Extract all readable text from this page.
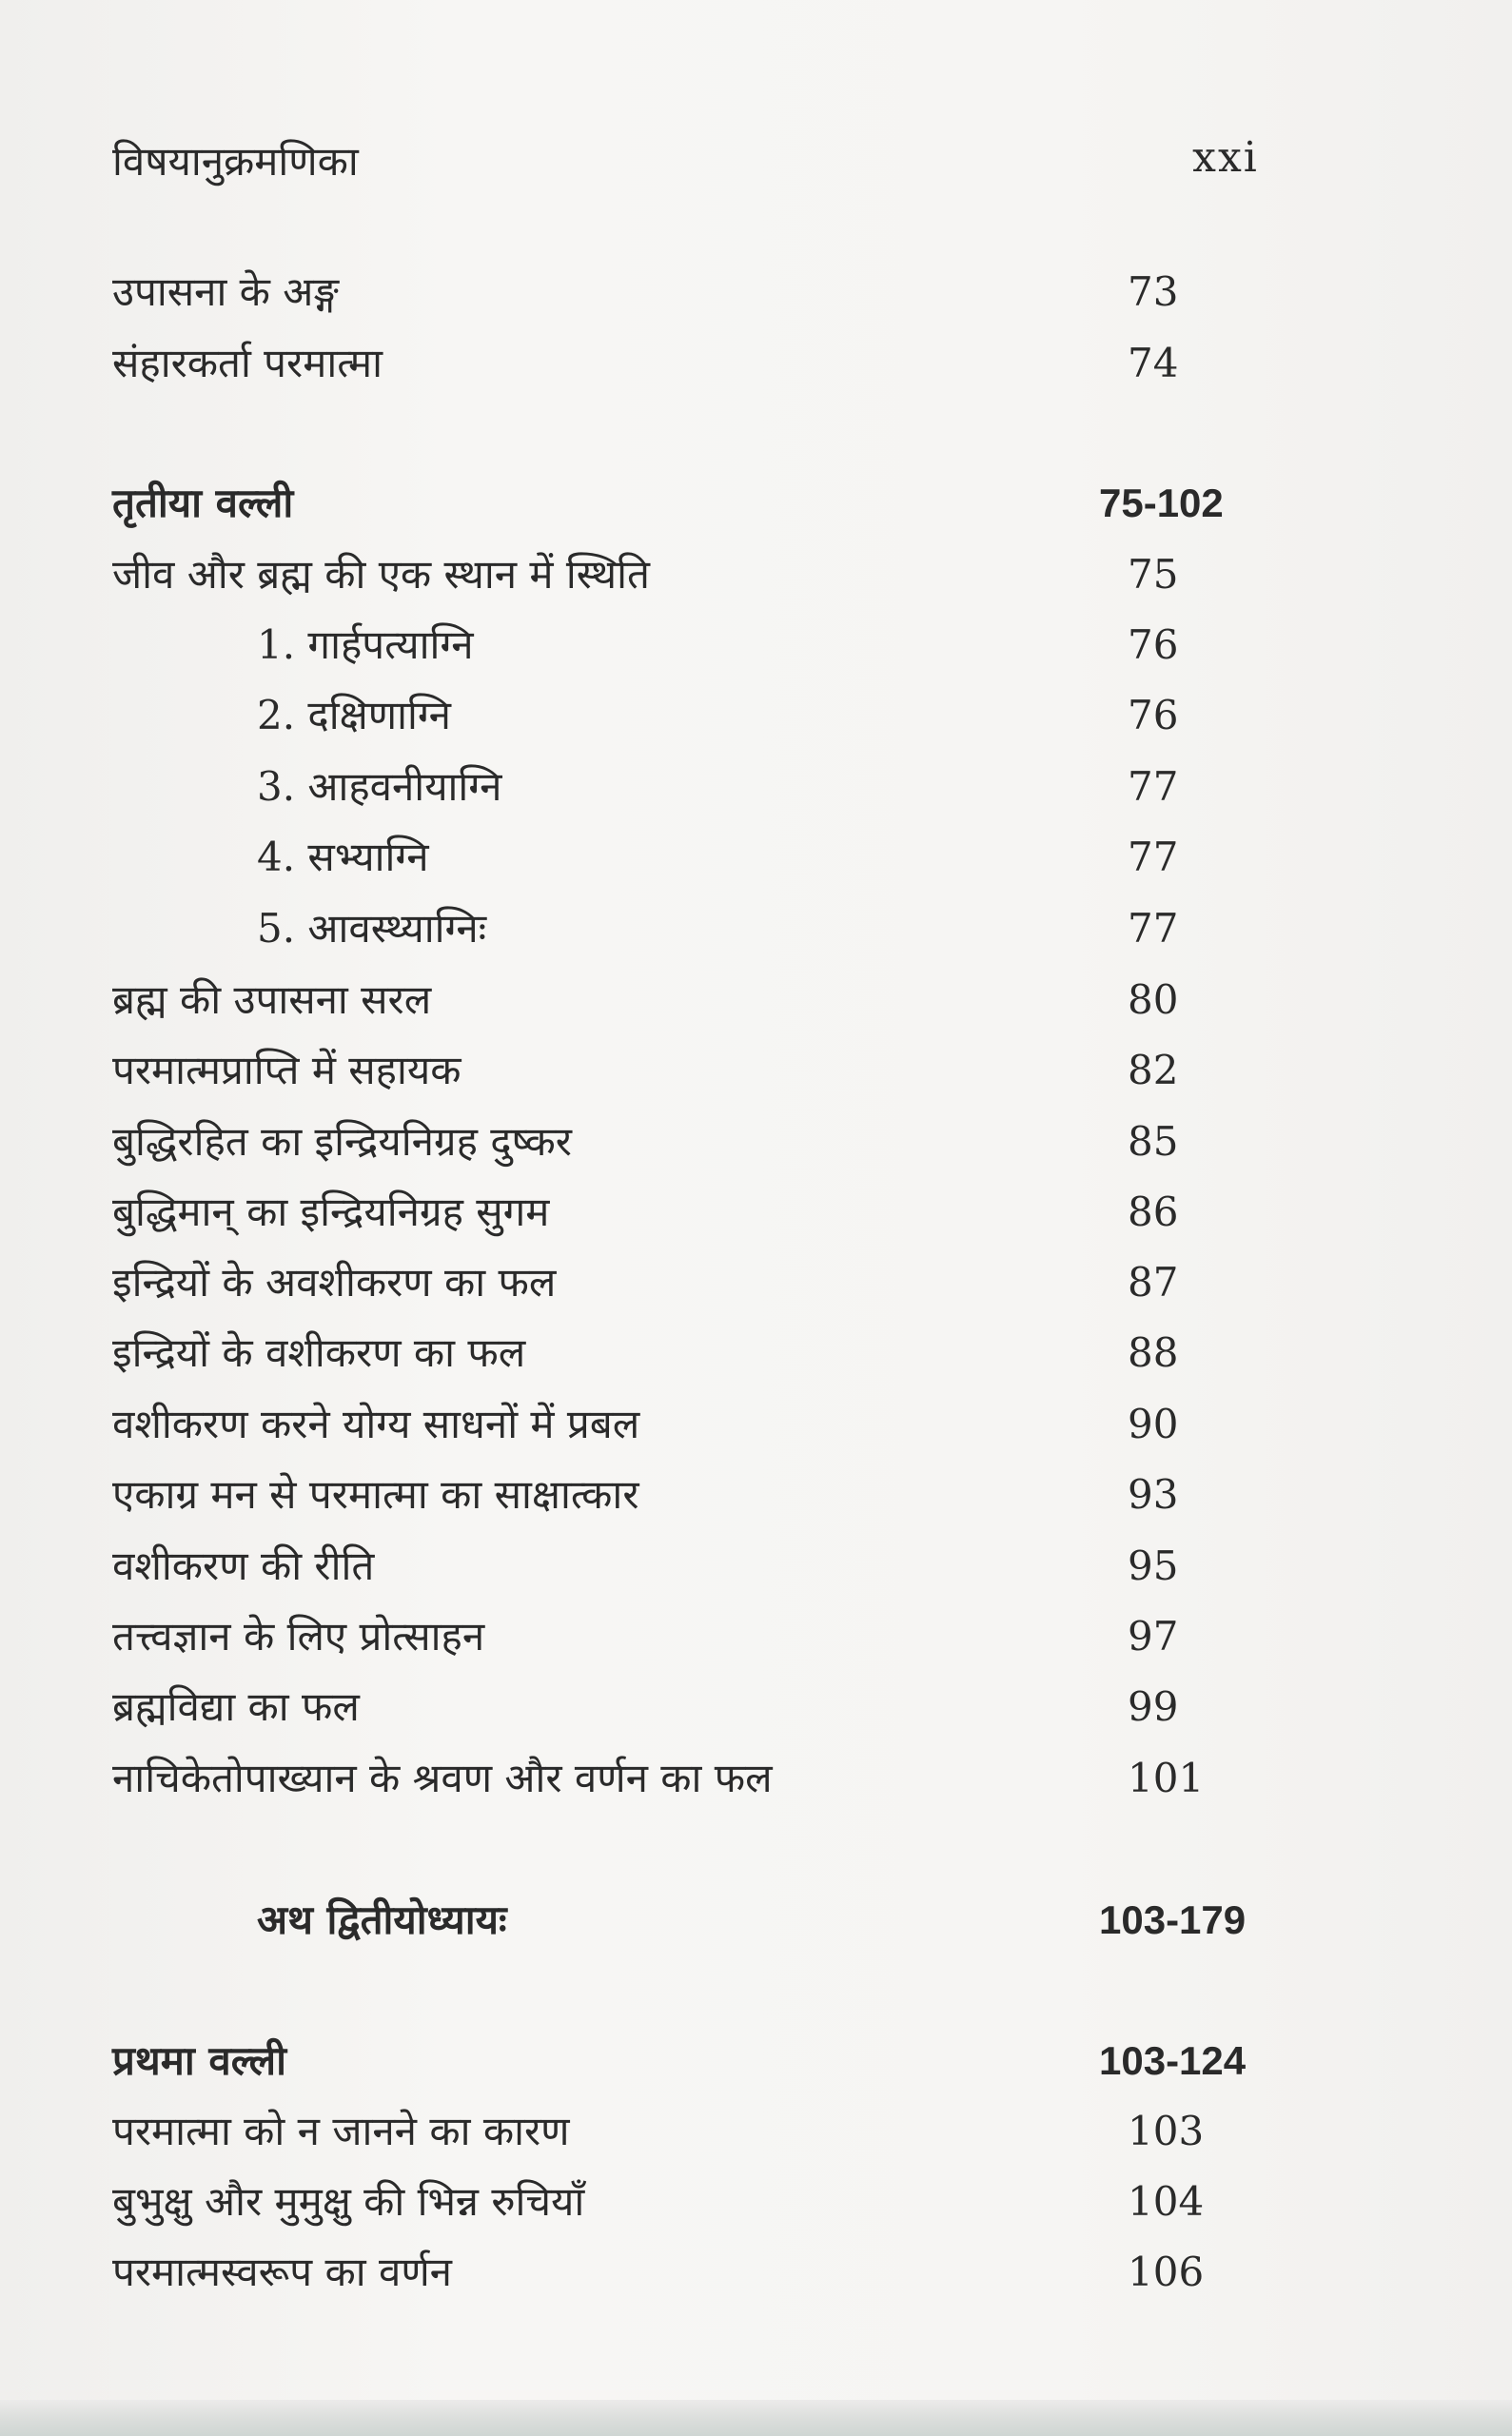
विषयानुक्रमणिका	xxi
उपासना के अङ्ग	73
संहारकर्ता परमात्मा	74
तृतीया वल्ली	75-102
जीव और ब्रह्म की एक स्थान में स्थिति	75
1. गार्हपत्याग्नि	76
2. दक्षिणाग्नि	76
3. आहवनीयाग्नि	77
4. सभ्याग्नि	77
5. आवस्थ्याग्निः	77
ब्रह्म की उपासना सरल	80
परमात्मप्राप्ति में सहायक	82
बुद्धिरहित का इन्द्रियनिग्रह दुष्कर	85
बुद्धिमान् का इन्द्रियनिग्रह सुगम	86
इन्द्रियों के अवशीकरण का फल	87
इन्द्रियों के वशीकरण का फल	88
वशीकरण करने योग्य साधनों में प्रबल	90
एकाग्र मन से परमात्मा का साक्षात्कार	93
वशीकरण की रीति	95
तत्त्वज्ञान के लिए प्रोत्साहन	97
ब्रह्मविद्या का फल	99
नाचिकेतोपाख्यान के श्रवण और वर्णन का फल	101
अथ द्वितीयोध्यायः	103-179
प्रथमा वल्ली	103-124
परमात्मा को न जानने का कारण	103
बुभुक्षु और मुमुक्षु की भिन्न रुचियाँ	104
परमात्मस्वरूप का वर्णन	106
